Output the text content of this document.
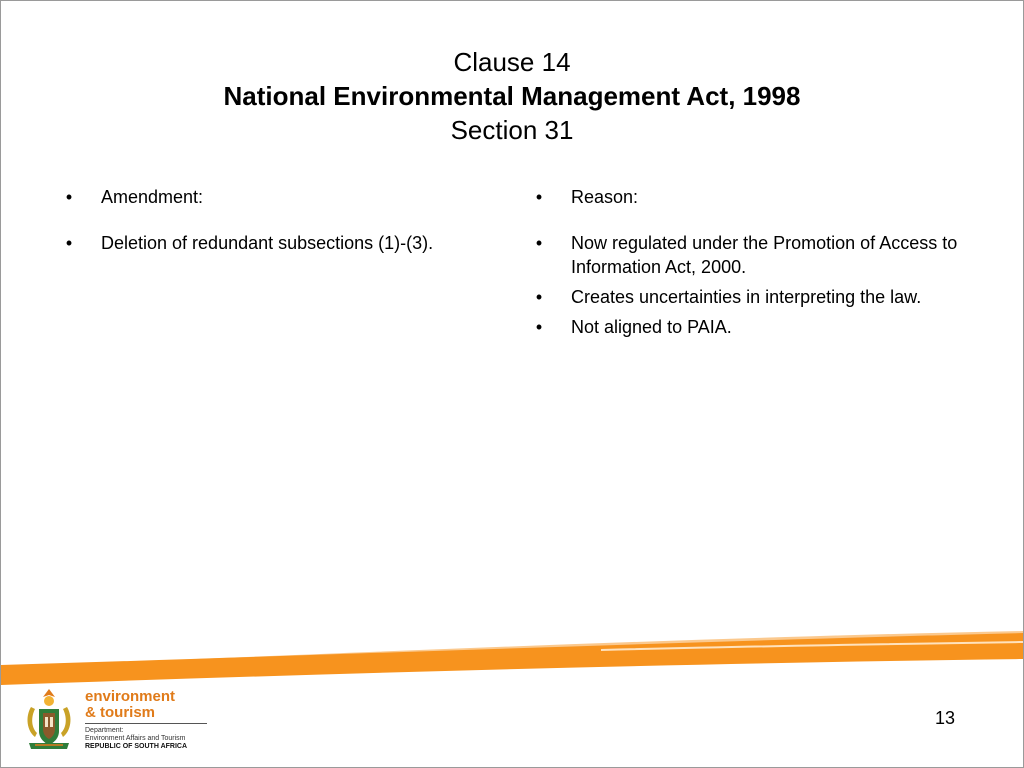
Clause 14
National Environmental Management Act, 1998
Section 31
•	Amendment:
•	Deletion of redundant subsections (1)-(3).
•	Reason:
•	Now regulated under the Promotion of Access to Information Act, 2000.
•	Creates uncertainties in interpreting the law.
•	Not aligned to PAIA.
environment
& tourism
Department:
Environment Affairs and Tourism
REPUBLIC OF SOUTH AFRICA
13
